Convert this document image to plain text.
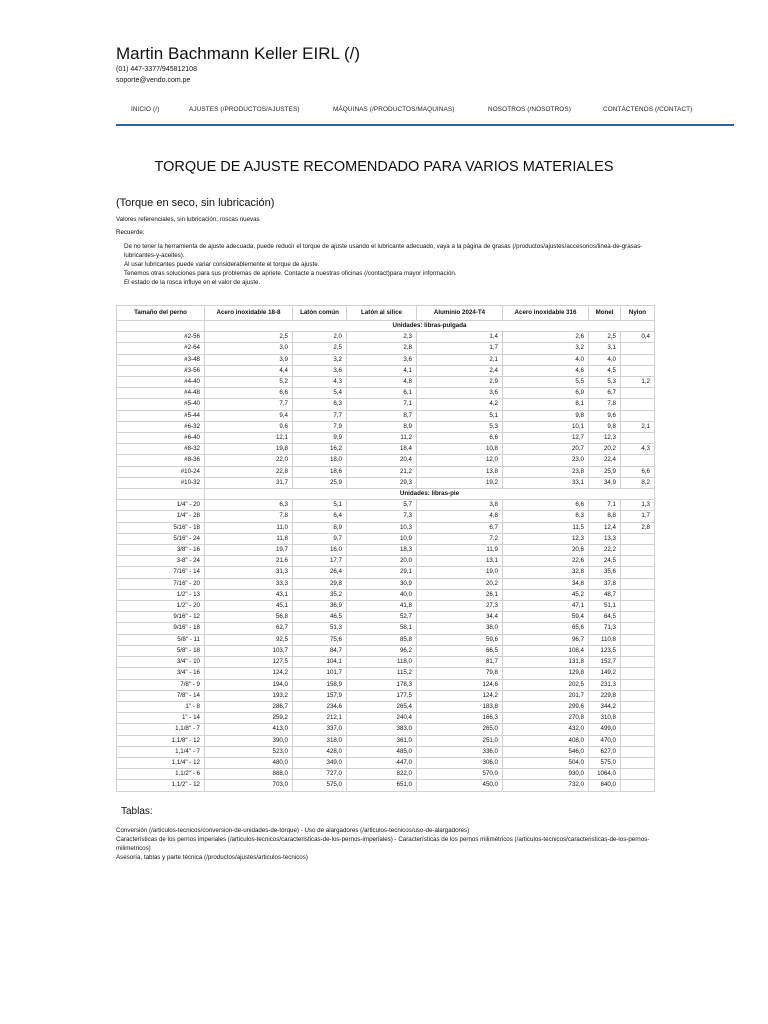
Martin Bachmann Keller EIRL (/)
(01) 447-3377/945812108
soporte@vendo.com.pe
INICIO (/)	AJUSTES (/PRODUCTOS/AJUSTES)	MÁQUINAS (/PRODUCTOS/MAQUINAS)	NOSOTROS (/NOSOTROS)	CONTÁCTENOS (/CONTACT)
TORQUE DE AJUSTE RECOMENDADO PARA VARIOS MATERIALES
(Torque en seco, sin lubricación)
Valores referenciales, sin lubricación, roscas nuevas
Recuerde:
De no tener la herramienta de ajuste adecuada, puede reducir el torque de ajuste usando el lubricante adecuado, vaya a la página de grasas (/productos/ajustes/accesorios/linea-de-grasas-
lubricantes-y-aceites).
Al usar lubricantes puede variar considerablemente el torque de ajuste.
Tenemos otras soluciones para sus problemas de apriete. Contacte a nuestras oficinas (/contact)para mayor información.
El estado de la rosca influye en el valor de ajuste.
Tamaño del perno	Acero inoxidable 18-8	Latón común	Latón al silice	Aluminio 2024-T4	Acero inoxidable 316	Monel	Nylon
	Unidades: libras-pulgada						
#2-56	2,5	2,0	2,3	1,4	2,6	2,5	0,4
#2-64	3,0	2,5	2,8	1,7	3,2	3,1	
#3-48	3,9	3,2	3,6	2,1	4,0	4,0	
#3-56	4,4	3,6	4,1	2,4	4,6	4,5	
#4-40	5,2	4,3	4,8	2,9	5,5	5,3	1,2
#4-48	6,6	5,4	6,1	3,6	6,9	6,7	
#5-40	7,7	6,3	7,1	4,2	8,1	7,8	
#5-44	9,4	7,7	8,7	5,1	9,8	9,6	
#6-32	9,6	7,9	8,9	5,3	10,1	9,8	2,1
#6-40	12,1	9,9	11,2	6,6	12,7	12,3	
#8-32	19,8	16,2	18,4	10,8	20,7	20,2	4,3
#8-36	22,0	18,0	20,4	12,0	23,0	22,4	
#10-24	22,8	18,6	21,2	13,8	23,8	25,9	6,6
#10-32	31,7	25,9	29,3	19,2	33,1	34,9	8,2
	Unidades: libras-pie						
1/4" - 20	6,3	5,1	5,7	3,8	6,6	7,1	1,3
1/4" - 28	7,8	6,4	7,3	4,8	8,3	8,8	1,7
5/16" - 18	11,0	8,9	10,3	6,7	11,5	12,4	2,8
5/16" - 24	11,8	9,7	10,9	7,2	12,3	13,3	
3/8" - 16	19,7	16,0	18,3	11,9	20,6	22,2	
3-8" - 24	21,6	17,7	20,0	13,1	22,6	24,5	
7/16" - 14	31,3	26,4	29,1	19,0	32,8	35,6	
7/16" - 20	33,3	29,8	30,9	20,2	34,8	37,8	
1/2" - 13	43,1	35,2	40,0	26,1	45,2	48,7	
1/2" - 20	45,1	36,9	41,8	27,3	47,1	51,1	
9/16" - 12	56,8	46,5	52,7	34,4	59,4	64,5	
9/16" - 18	62,7	51,3	58,1	38,0	65,6	71,3	
5/8" - 11	92,5	75,6	85,8	59,6	96,7	110,8	
5/8" - 18	103,7	84,7	96,2	66,5	108,4	123,5	
3/4" - 10	127,5	104,1	118,0	81,7	131,8	152,7	
3/4" - 16	124,2	101,7	115,2	79,8	129,8	149,2	
7/8" - 9	194,0	158,9	178,3	124,6	202,5	231,3	
7/8" - 14	193,2	157,9	177,5	124,2	201,7	229,8	
1" - 8	286,7	234,6	265,4	183,8	299,6	344,2	
1" - 14	259,2	212,1	240,4	166,3	270,8	310,8	
1,1/8" - 7	413,0	337,0	383,0	265,0	432,0	499,0	
1,1/8" - 12	390,0	318,0	361,0	251,0	408,0	470,0	
1,1/4" - 7	523,0	428,0	485,0	336,0	546,0	627,0	
1,1/4" - 12	480,0	349,0	447,0	306,0	504,0	575,0	
1,1/2" - 6	888,0	727,0	822,0	570,0	930,0	1064,0	
1,1/2" - 12	703,0	575,0	651,0	450,0	732,0	840,0	
Tablas:
Conversión (/articulos-tecnicos/conversion-de-unidades-de-torque) - Uso de alargadores (/articulos-tecnicos/uso-de-alargadores)
Características de los pernos imperiales (/articulos-tecnicos/caracteristicas-de-los-pernos-imperiales) - Características de los pernos milimétricos (/articulos-tecnicos/caracteristicas-de-los-pernos-
milimetricos)
Asesoría, tablas y parte técnica (/productos/ajustes/articulos-tecnicos)
